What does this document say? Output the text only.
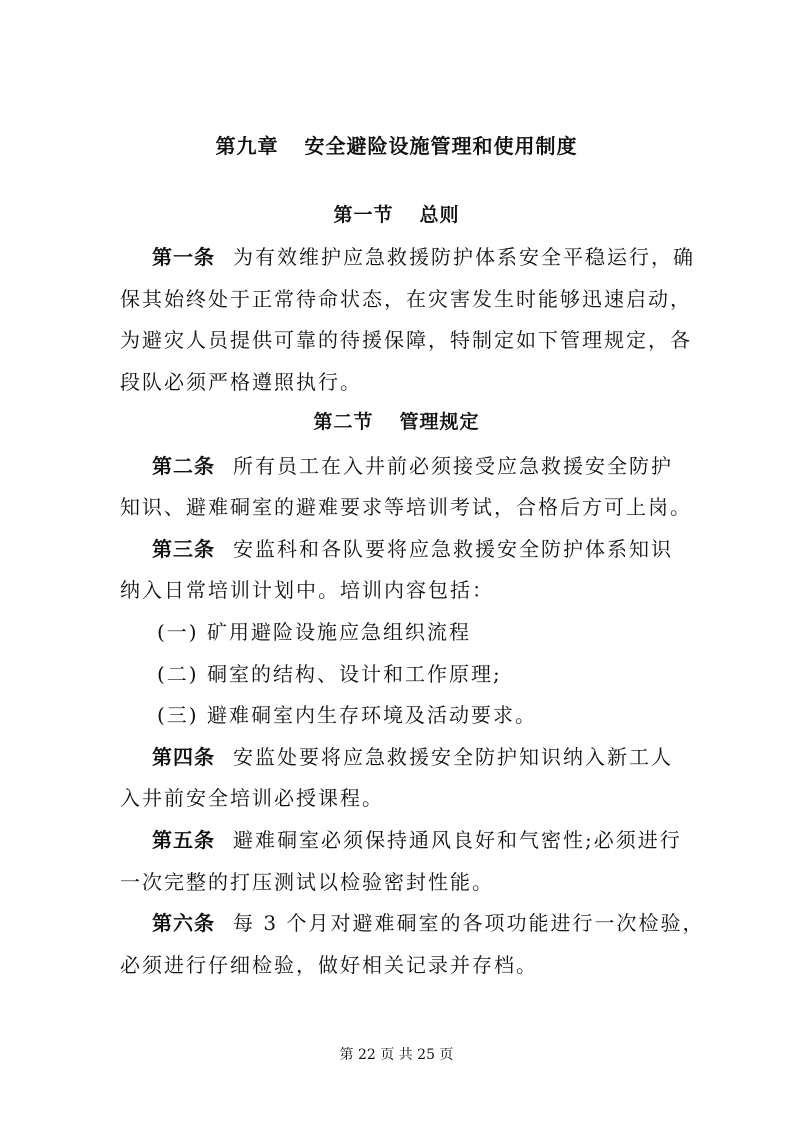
第九章 安全避险设施管理和使用制度
第一节 总则
第一条 为有效维护应急救援防护体系安全平稳运行，确
保其始终处于正常待命状态，在灾害发生时能够迅速启动，
为避灾人员提供可靠的待援保障，特制定如下管理规定，各
段队必须严格遵照执行。
第二节 管理规定
第二条 所有员工在入井前必须接受应急救援安全防护
知识、避难硐室的避难要求等培训考试，合格后方可上岗。
第三条 安监科和各队要将应急救援安全防护体系知识
纳入日常培训计划中。培训内容包括：
(一) 矿用避险设施应急组织流程
(二) 硐室的结构、设计和工作原理;
(三) 避难硐室内生存环境及活动要求。
第四条 安监处要将应急救援安全防护知识纳入新工人
入井前安全培训必授课程。
第五条 避难硐室必须保持通风良好和气密性;必须进行
一次完整的打压测试以检验密封性能。
第六条 每 3 个月对避难硐室的各项功能进行一次检验，
必须进行仔细检验，做好相关记录并存档。
第 22 页 共 25 页
